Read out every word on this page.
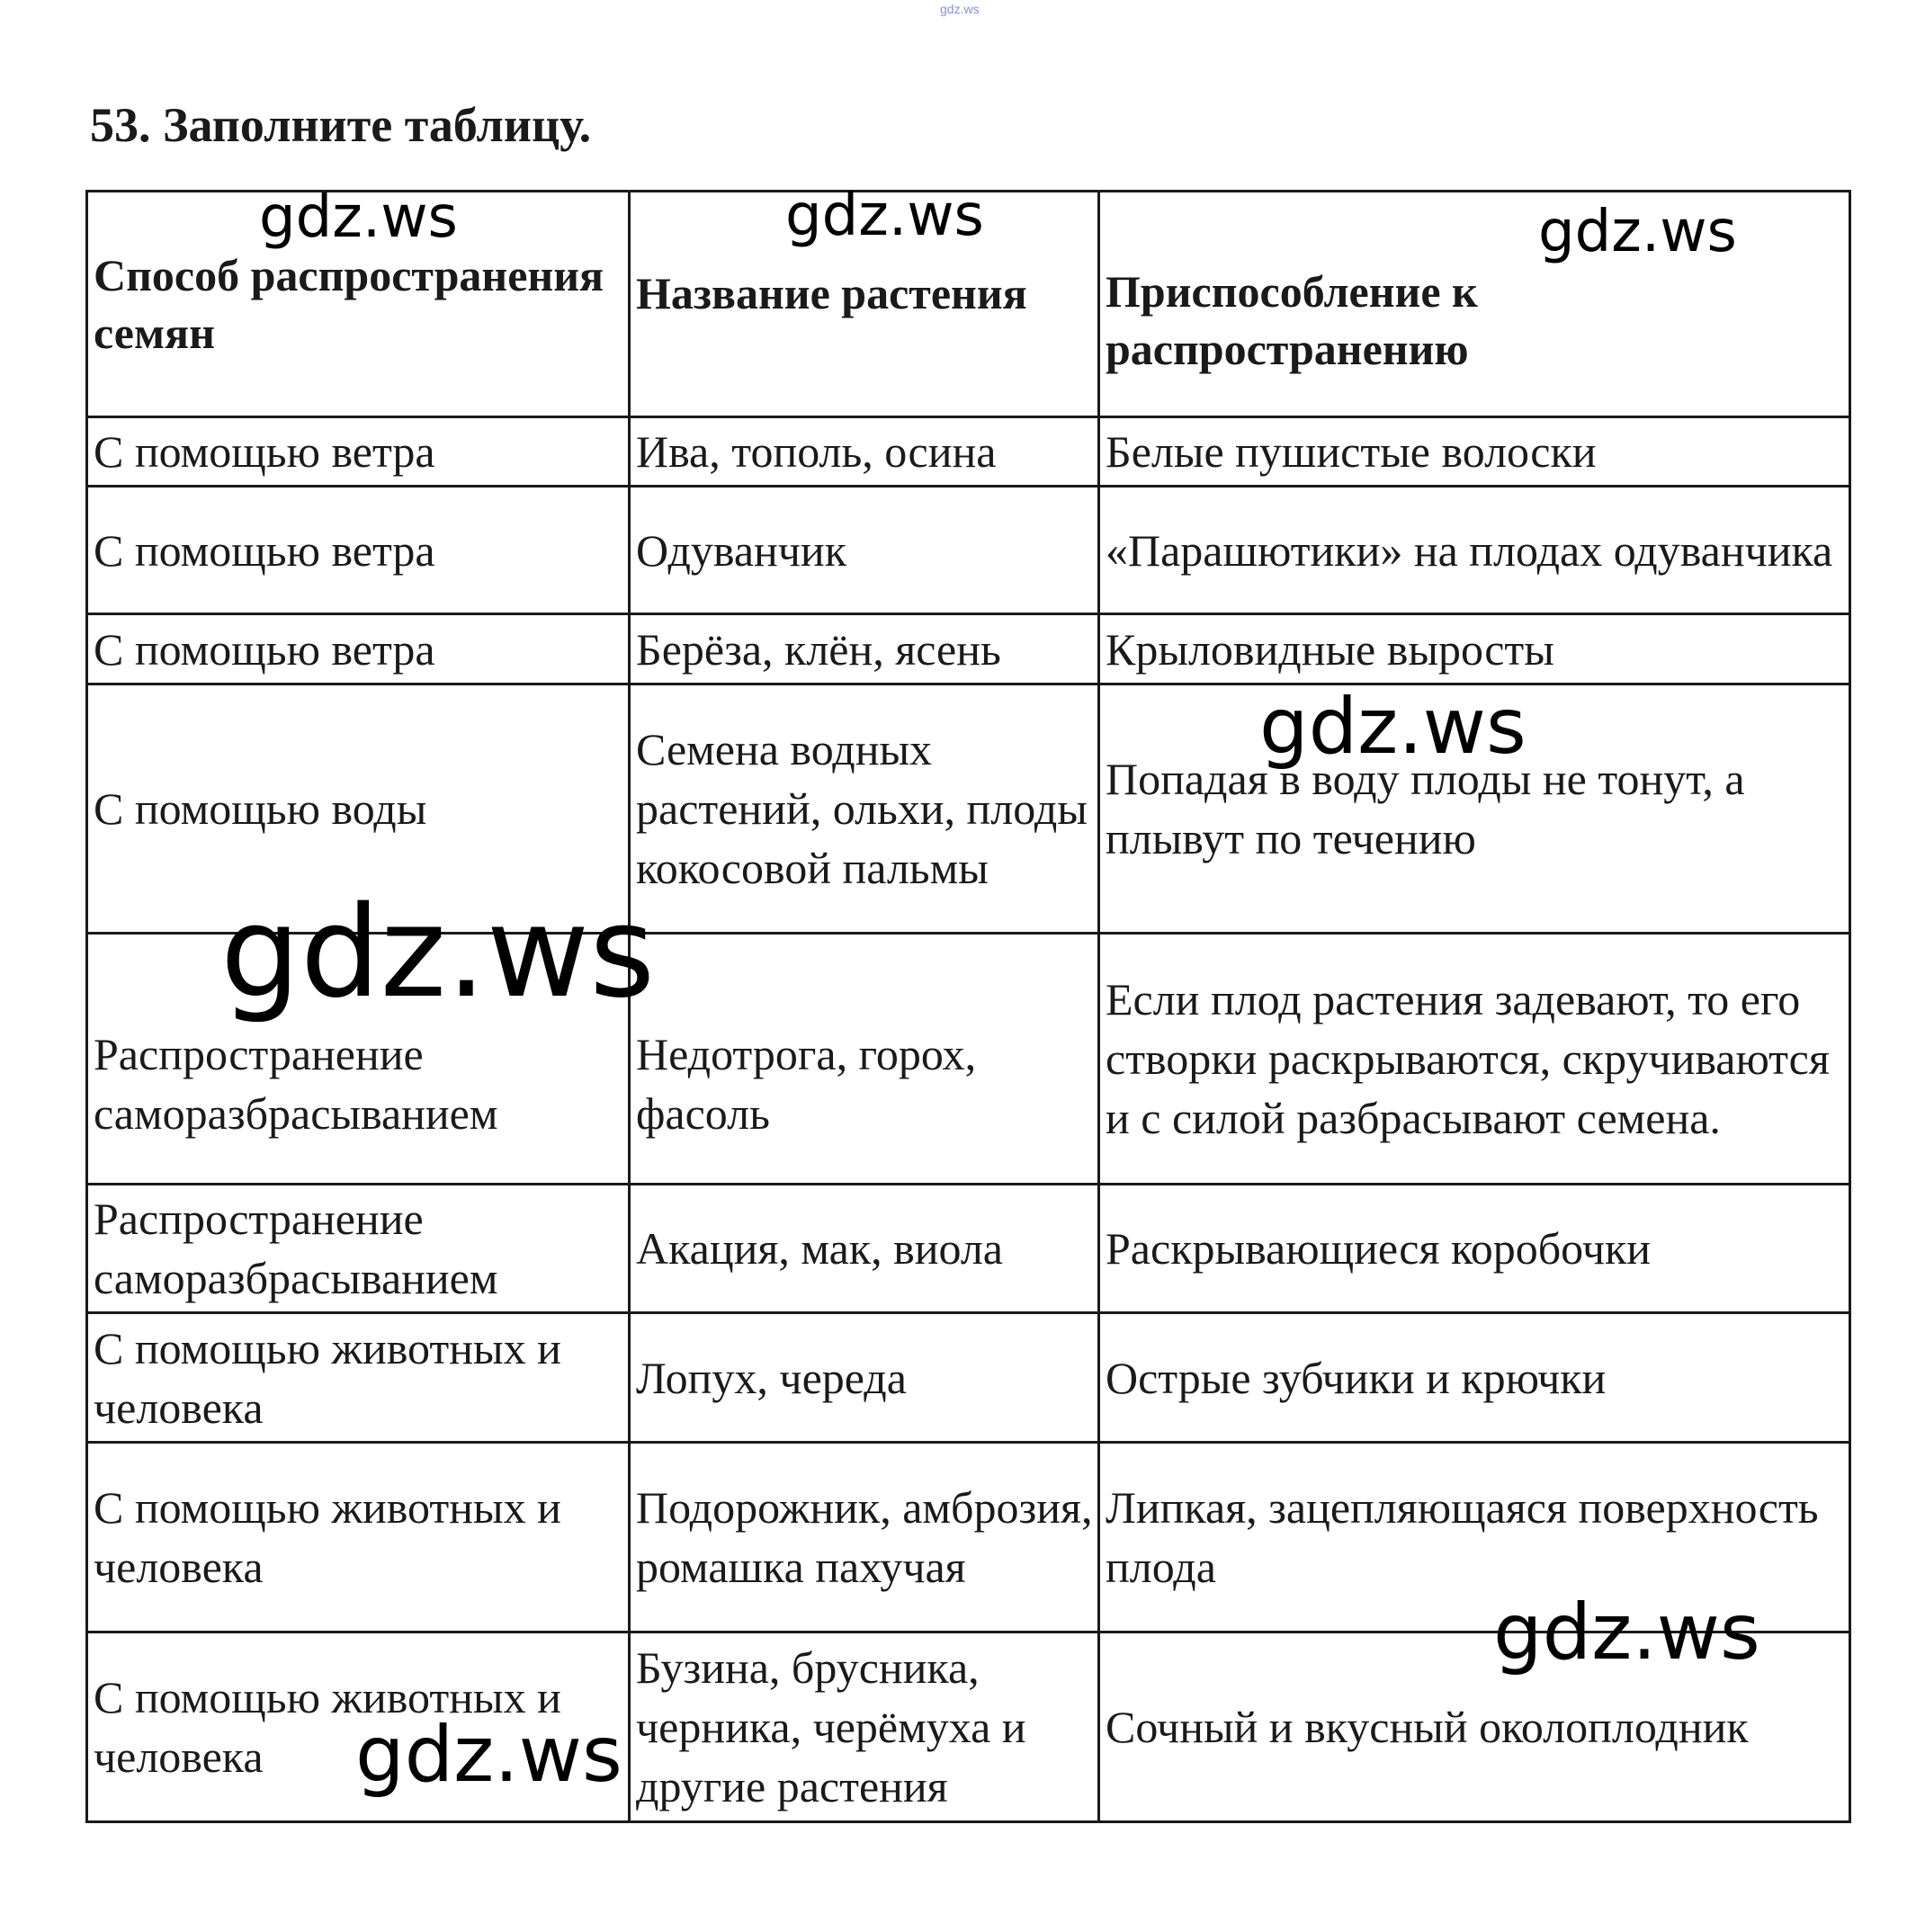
gdz.ws
53. Заполните таблицу.
Способ распространения семян	Название растения	Приспособление к распространению
С помощью ветра	Ива, тополь, осина	Белые пушистые волоски
С помощью ветра	Одуванчик	«Парашютики» на плодах одуванчика
С помощью ветра	Берёза, клён, ясень	Крыловидные выросты
С помощью воды	Семена водных растений, ольхи, плоды кокосовой пальмы	Попадая в воду плоды не тонут, а плывут по течению
Распространение саморазбрасыванием	Недотрога, горох, фасоль	Если плод растения задевают, то его створки раскрываются, скручиваются и с силой разбрасывают семена.
Распространение саморазбрасыванием	Акация, мак, виола	Раскрывающиеся коробочки
С помощью животных и человека	Лопух, череда	Острые зубчики и крючки
С помощью животных и человека	Подорожник, амброзия, ромашка пахучая	Липкая, зацепляющаяся поверхность плода
С помощью животных и человека	Бузина, брусника, черника, черёмуха и другие растения	Сочный и вкусный околоплодник
gdz.ws	gdz.ws	gdz.ws
gdz.ws
gdz.ws
gdz.ws
gdz.ws
